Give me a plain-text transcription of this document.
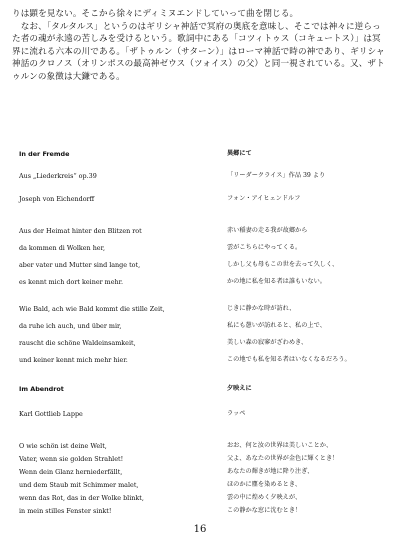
りは顕を見ない。そこから徐々にディミヌエンドしていって曲を閉じる。

　なお、「タルタルス」というのはギリシャ神話で冥府の奥底を意味し、そこでは神々に逆らった者の魂が永遠の苦しみを受けるという。歌詞中にある「コツィトゥス（コキュートス）」は冥界に流れる六本の川である。「ザトゥルン（サターン）」はローマ神話で時の神であり、ギリシャ神話のクロノス（オリンポスの最高神ゼウス（ツォイス）の父）と同一視されている。又、ザトゥルンの象徴は大鎌である。

In der Fremde	異郷にて
Aus „Liederkreis“ op.39	「リーダークライス」作品 39 より
Joseph von Eichendorff	フォン・アイヒェンドルフ
Aus der Heimat hinter den Blitzen rot	赤い稲妻の走る我が故郷から
da kommen di Wolken her,	雲がこちらにやってくる。
aber vater und Mutter sind lange tot,	しかし父も母もこの世を去って久しく、
es kennt mich dort keiner mehr.	かの地に私を知る者は誰もいない。
Wie Bald, ach wie Bald kommt die stille Zeit,	じきに静かな時が訪れ、
da ruhe ich auch, und über mir,	私にも憩いが訪れると、私の上で、
rauscht die schöne Waldeinsamkeit,	美しい森の寂寥がざわめき、
und keiner kennt mich mehr hier.	この地でも私を知る者はいなくなるだろう。
Im Abendrot	夕映えに
Karl Gottlieb Lappe	ラッペ
O wie schön ist deine Welt,	おお、何と汝の世界は美しいことか、
Vater, wenn sie golden Strahlet!	父よ、あなたの世界が金色に輝くとき！
Wenn dein Glanz herniederfällt,	あなたの輝きが地に降り注ぎ、
und dem Staub mit Schimmer malet,	ほのかに塵を染めるとき、
wenn das Rot, das in der Wolke blinkt,	雲の中に煌めく夕映えが、
in mein stilles Fenster sinkt!	この静かな窓に沈むとき！
16
